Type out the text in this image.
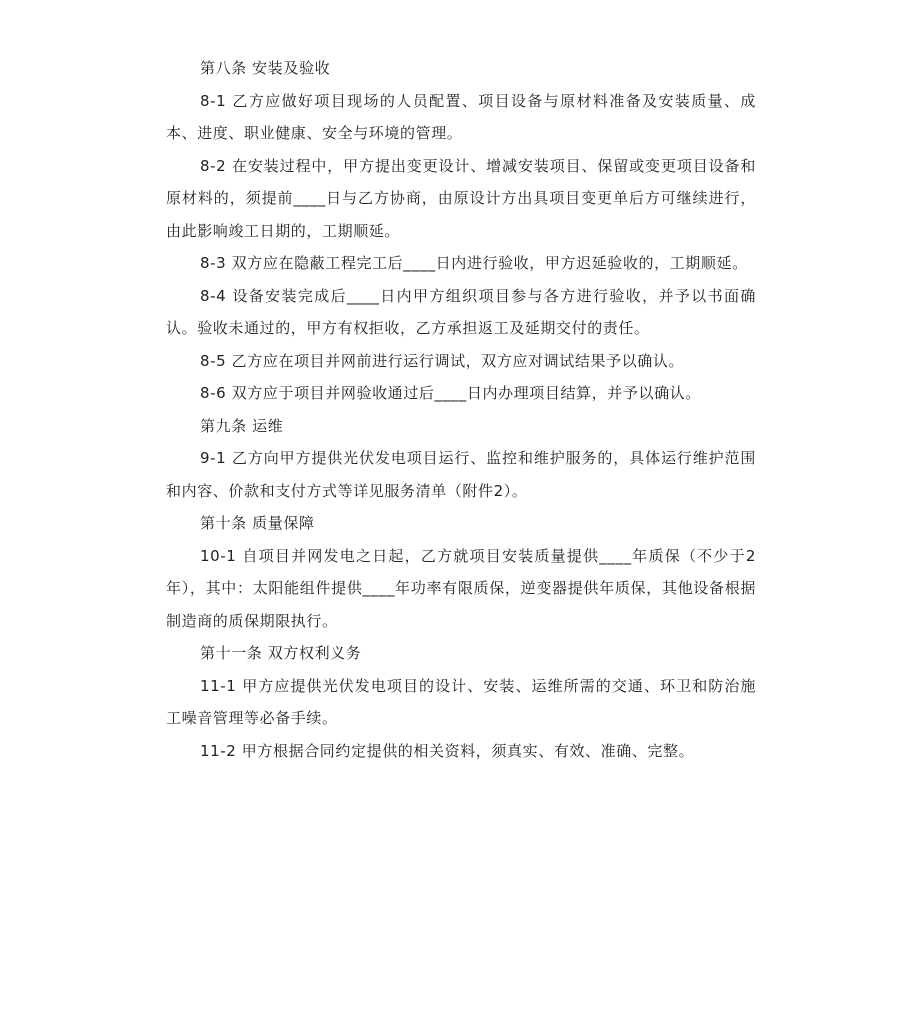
第八条 安装及验收

8-1 乙方应做好项目现场的人员配置、项目设备与原材料准备及安装质量、成本、进度、职业健康、安全与环境的管理。

8-2 在安装过程中，甲方提出变更设计、增减安装项目、保留或变更项目设备和原材料的，须提前____日与乙方协商，由原设计方出具项目变更单后方可继续进行，由此影响竣工日期的，工期顺延。

8-3 双方应在隐蔽工程完工后____日内进行验收，甲方迟延验收的，工期顺延。

8-4 设备安装完成后____日内甲方组织项目参与各方进行验收，并予以书面确认。验收未通过的，甲方有权拒收，乙方承担返工及延期交付的责任。

8-5 乙方应在项目并网前进行运行调试，双方应对调试结果予以确认。

8-6 双方应于项目并网验收通过后____日内办理项目结算，并予以确认。

第九条 运维

9-1 乙方向甲方提供光伏发电项目运行、监控和维护服务的，具体运行维护范围和内容、价款和支付方式等详见服务清单（附件2）。

第十条 质量保障

10-1 自项目并网发电之日起，乙方就项目安装质量提供____年质保（不少于2年），其中：太阳能组件提供____年功率有限质保，逆变器提供年质保，其他设备根据制造商的质保期限执行。

第十一条 双方权利义务

11-1 甲方应提供光伏发电项目的设计、安装、运维所需的交通、环卫和防治施工噪音管理等必备手续。

11-2 甲方根据合同约定提供的相关资料，须真实、有效、准确、完整。
